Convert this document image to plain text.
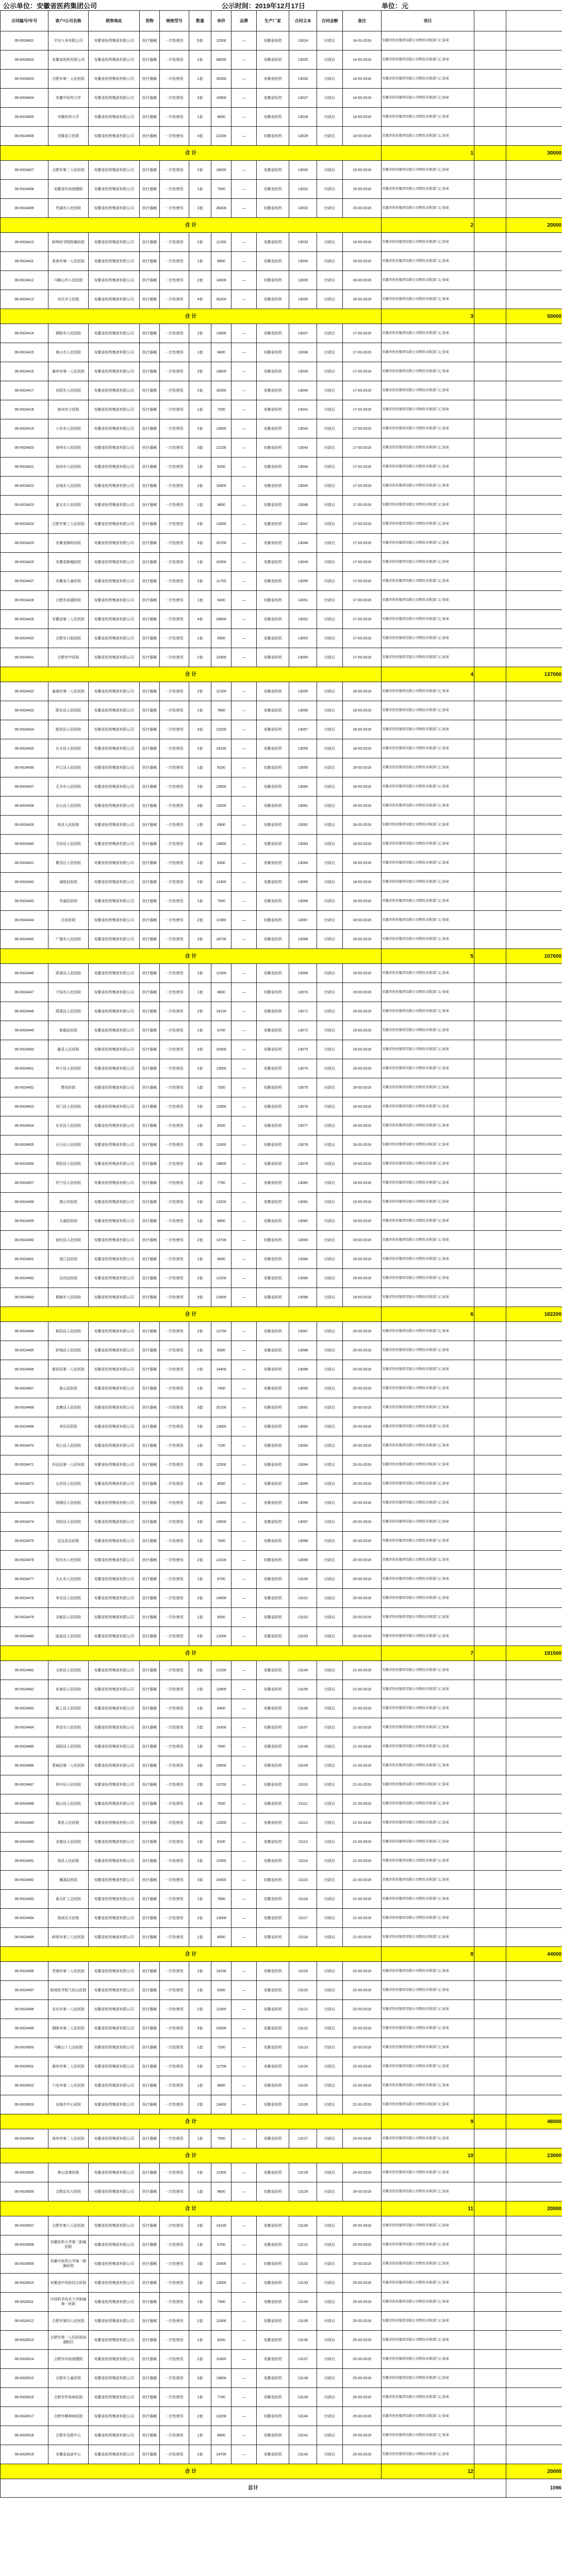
公示单位：安徽省医药集团公司	公示时间：2019年12月17日	单位：元
合同编号/年号	客户/公司名称	销售地址	货物	规格型号	数量	单价	品牌	生产厂家	合同文本	合同金额	备注	项目		
06-0024401	平安人寿有限公司	安徽省医药集团有限公司	医疗器械	一次性使用	5套	12500	—	安徽省医药	13024	付款后	14-03-2019	安徽省医药集团有限公司物资采购部门已备案		
06-0024402	安徽省医院有限公司	安徽省医药集团有限公司	医疗器械	一次性使用	2套	48000	—	安徽省医药	13025	付款后	14-03-2019	安徽省医药集团有限公司物资采购部门已备案		
06-0024403	合肥市第一人民医院	安徽省医药集团有限公司	医疗器械	一次性使用	1套	32000	—	安徽省医药	13026	付款后	14-03-2019	安徽省医药集团有限公司物资采购部门已备案		
06-0024404	安徽中医药大学	安徽省医药集团有限公司	医疗器械	一次性使用	3套	15800	—	安徽省医药	13027	付款后	14-03-2019	安徽省医药集团有限公司物资采购部门已备案		
06-0024405	安徽医科大学	安徽省医药集团有限公司	医疗器械	一次性使用	1套	9600	—	安徽省医药	13028	付款后	14-03-2019	安徽省医药集团有限公司物资采购部门已备案		
06-0024406	安徽省立医院	安徽省医药集团有限公司	医疗器械	一次性使用	4套	21000	—	安徽省医药	13029	付款后	14-03-2019	安徽省医药集团有限公司物资采购部门已备案		
合 计												1		30000
06-0024407	合肥市第二人民医院	安徽省医药集团有限公司	医疗器械	一次性使用	2套	18000	—	安徽省医药	13030	付款后	15-03-2019	安徽省医药集团有限公司物资采购部门已备案		
06-0024408	安徽省妇幼保健院	安徽省医药集团有限公司	医疗器械	一次性使用	1套	7600	—	安徽省医药	13031	付款后	15-03-2019	安徽省医药集团有限公司物资采购部门已备案		
06-0024409	芜湖市人民医院	安徽省医药集团有限公司	医疗器械	一次性使用	3套	26400	—	安徽省医药	13032	付款后	15-03-2019	安徽省医药集团有限公司物资采购部门已备案		
合 计												2		20000
06-0024410	蚌埠医学院附属医院	安徽省医药集团有限公司	医疗器械	一次性使用	2套	11200	—	安徽省医药	13033	付款后	16-03-2019	安徽省医药集团有限公司物资采购部门已备案		
06-0024411	淮南市第一人民医院	安徽省医药集团有限公司	医疗器械	一次性使用	1套	6800	—	安徽省医药	13034	付款后	16-03-2019	安徽省医药集团有限公司物资采购部门已备案		
06-0024412	马鞍山市人民医院	安徽省医药集团有限公司	医疗器械	一次性使用	2套	14500	—	安徽省医药	13035	付款后	16-03-2019	安徽省医药集团有限公司物资采购部门已备案		
06-0024413	安庆市立医院	安徽省医药集团有限公司	医疗器械	一次性使用	4套	30200	—	安徽省医药	13036	付款后	16-03-2019	安徽省医药集团有限公司物资采购部门已备案		
合 计												3		50000
06-0024414	铜陵市人民医院	安徽省医药集团有限公司	医疗器械	一次性使用	2套	12800	—	安徽省医药	13037	付款后	17-03-2019	安徽省医药集团有限公司物资采购部门已备案		
06-0024415	黄山市人民医院	安徽省医药集团有限公司	医疗器械	一次性使用	1套	8400	—	安徽省医药	13038	付款后	17-03-2019	安徽省医药集团有限公司物资采购部门已备案		
06-0024416	滁州市第一人民医院	安徽省医药集团有限公司	医疗器械	一次性使用	3套	19600	—	安徽省医药	13039	付款后	17-03-2019	安徽省医药集团有限公司物资采购部门已备案		
06-0024417	阜阳市人民医院	安徽省医药集团有限公司	医疗器械	一次性使用	2套	16300	—	安徽省医药	13040	付款后	17-03-2019	安徽省医药集团有限公司物资采购部门已备案		
06-0024418	宿州市立医院	安徽省医药集团有限公司	医疗器械	一次性使用	1套	7200	—	安徽省医药	13041	付款后	17-03-2019	安徽省医药集团有限公司物资采购部门已备案		
06-0024419	六安市人民医院	安徽省医药集团有限公司	医疗器械	一次性使用	2套	13900	—	安徽省医药	13042	付款后	17-03-2019	安徽省医药集团有限公司物资采购部门已备案		
06-0024420	亳州市人民医院	安徽省医药集团有限公司	医疗器械	一次性使用	3套	22100	—	安徽省医药	13043	付款后	17-03-2019	安徽省医药集团有限公司物资采购部门已备案		
06-0024421	池州市人民医院	安徽省医药集团有限公司	医疗器械	一次性使用	1套	9100	—	安徽省医药	13044	付款后	17-03-2019	安徽省医药集团有限公司物资采购部门已备案		
06-0024422	宣城市人民医院	安徽省医药集团有限公司	医疗器械	一次性使用	2套	15400	—	安徽省医药	13045	付款后	17-03-2019	安徽省医药集团有限公司物资采购部门已备案		
06-0024423	淮北市人民医院	安徽省医药集团有限公司	医疗器械	一次性使用	1套	8800	—	安徽省医药	13046	付款后	17-03-2019	安徽省医药集团有限公司物资采购部门已备案		
06-0024424	合肥市第三人民医院	安徽省医药集团有限公司	医疗器械	一次性使用	2套	12600	—	安徽省医药	13047	付款后	17-03-2019	安徽省医药集团有限公司物资采购部门已备案		
06-0024425	安徽省胸科医院	安徽省医药集团有限公司	医疗器械	一次性使用	3套	20700	—	安徽省医药	13048	付款后	17-03-2019	安徽省医药集团有限公司物资采购部门已备案		
06-0024426	安徽省肿瘤医院	安徽省医药集团有限公司	医疗器械	一次性使用	1套	10300	—	安徽省医药	13049	付款后	17-03-2019	安徽省医药集团有限公司物资采购部门已备案		
06-0024427	安徽省儿童医院	安徽省医药集团有限公司	医疗器械	一次性使用	2套	11700	—	安徽省医药	13050	付款后	17-03-2019	安徽省医药集团有限公司物资采购部门已备案		
06-0024428	合肥市滨湖医院	安徽省医药集团有限公司	医疗器械	一次性使用	1套	6400	—	安徽省医药	13051	付款后	17-03-2019	安徽省医药集团有限公司物资采购部门已备案		
06-0024429	安徽省第二人民医院	安徽省医药集团有限公司	医疗器械	一次性使用	4套	28600	—	安徽省医药	13052	付款后	17-03-2019	安徽省医药集团有限公司物资采购部门已备案		
06-0024430	合肥市口腔医院	安徽省医药集团有限公司	医疗器械	一次性使用	1套	5900	—	安徽省医药	13053	付款后	17-03-2019	安徽省医药集团有限公司物资采购部门已备案		
06-0024431	合肥市中医院	安徽省医药集团有限公司	医疗器械	一次性使用	2套	13300	—	安徽省医药	13054	付款后	17-03-2019	安徽省医药集团有限公司物资采购部门已备案		
合 计												4		137000
06-0024432	巢湖市第一人民医院	安徽省医药集团有限公司	医疗器械	一次性使用	2套	12100	—	安徽省医药	13055	付款后	18-03-2019	安徽省医药集团有限公司物资采购部门已备案		
06-0024433	肥东县人民医院	安徽省医药集团有限公司	医疗器械	一次性使用	1套	7800	—	安徽省医药	13056	付款后	18-03-2019	安徽省医药集团有限公司物资采购部门已备案		
06-0024434	肥西县人民医院	安徽省医药集团有限公司	医疗器械	一次性使用	3套	21500	—	安徽省医药	13057	付款后	18-03-2019	安徽省医药集团有限公司物资采购部门已备案		
06-0024435	长丰县人民医院	安徽省医药集团有限公司	医疗器械	一次性使用	2套	14200	—	安徽省医药	13058	付款后	18-03-2019	安徽省医药集团有限公司物资采购部门已备案		
06-0024436	庐江县人民医院	安徽省医药集团有限公司	医疗器械	一次性使用	1套	8100	—	安徽省医药	13059	付款后	18-03-2019	安徽省医药集团有限公司物资采购部门已备案		
06-0024437	无为市人民医院	安徽省医药集团有限公司	医疗器械	一次性使用	2套	15600	—	安徽省医药	13060	付款后	18-03-2019	安徽省医药集团有限公司物资采购部门已备案		
06-0024438	含山县人民医院	安徽省医药集团有限公司	医疗器械	一次性使用	3套	19200	—	安徽省医药	13061	付款后	18-03-2019	安徽省医药集团有限公司物资采购部门已备案		
06-0024439	和县人民医院	安徽省医药集团有限公司	医疗器械	一次性使用	1套	6900	—	安徽省医药	13062	付款后	18-03-2019	安徽省医药集团有限公司物资采购部门已备案		
06-0024440	当涂县人民医院	安徽省医药集团有限公司	医疗器械	一次性使用	2套	13800	—	安徽省医药	13063	付款后	18-03-2019	安徽省医药集团有限公司物资采购部门已备案		
06-0024441	繁昌区人民医院	安徽省医药集团有限公司	医疗器械	一次性使用	1套	9300	—	安徽省医药	13064	付款后	18-03-2019	安徽省医药集团有限公司物资采购部门已备案		
06-0024442	南陵县医院	安徽省医药集团有限公司	医疗器械	一次性使用	2套	12400	—	安徽省医药	13065	付款后	18-03-2019	安徽省医药集团有限公司物资采购部门已备案		
06-0024443	芜湖县医院	安徽省医药集团有限公司	医疗器械	一次性使用	1套	7500	—	安徽省医药	13066	付款后	18-03-2019	安徽省医药集团有限公司物资采购部门已备案		
06-0024444	泾县医院	安徽省医药集团有限公司	医疗器械	一次性使用	2套	11900	—	安徽省医药	13067	付款后	18-03-2019	安徽省医药集团有限公司物资采购部门已备案		
06-0024445	广德市人民医院	安徽省医药集团有限公司	医疗器械	一次性使用	3套	18700	—	安徽省医药	13068	付款后	18-03-2019	安徽省医药集团有限公司物资采购部门已备案		
合 计												5		107600
06-0024446	郎溪县人民医院	安徽省医药集团有限公司	医疗器械	一次性使用	2套	12300	—	安徽省医药	13069	付款后	19-03-2019	安徽省医药集团有限公司物资采购部门已备案		
06-0024447	宁国市人民医院	安徽省医药集团有限公司	医疗器械	一次性使用	1套	8600	—	安徽省医药	13070	付款后	19-03-2019	安徽省医药集团有限公司物资采购部门已备案		
06-0024448	绩溪县人民医院	安徽省医药集团有限公司	医疗器械	一次性使用	2套	14100	—	安徽省医药	13071	付款后	19-03-2019	安徽省医药集团有限公司物资采购部门已备案		
06-0024449	旌德县医院	安徽省医药集团有限公司	医疗器械	一次性使用	1套	6700	—	安徽省医药	13072	付款后	19-03-2019	安徽省医药集团有限公司物资采购部门已备案		
06-0024450	歙县人民医院	安徽省医药集团有限公司	医疗器械	一次性使用	3套	20400	—	安徽省医药	13073	付款后	19-03-2019	安徽省医药集团有限公司物资采购部门已备案		
06-0024451	休宁县人民医院	安徽省医药集团有限公司	医疗器械	一次性使用	2套	13500	—	安徽省医药	13074	付款后	19-03-2019	安徽省医药集团有限公司物资采购部门已备案		
06-0024452	黟县医院	安徽省医药集团有限公司	医疗器械	一次性使用	1套	7300	—	安徽省医药	13075	付款后	19-03-2019	安徽省医药集团有限公司物资采购部门已备案		
06-0024453	祁门县人民医院	安徽省医药集团有限公司	医疗器械	一次性使用	2套	12900	—	安徽省医药	13076	付款后	19-03-2019	安徽省医药集团有限公司物资采购部门已备案		
06-0024454	东至县人民医院	安徽省医药集团有限公司	医疗器械	一次性使用	1套	8200	—	安徽省医药	13077	付款后	19-03-2019	安徽省医药集团有限公司物资采购部门已备案		
06-0024455	石台县人民医院	安徽省医药集团有限公司	医疗器械	一次性使用	2套	11600	—	安徽省医药	13078	付款后	19-03-2019	安徽省医药集团有限公司物资采购部门已备案		
06-0024456	青阳县人民医院	安徽省医药集团有限公司	医疗器械	一次性使用	3套	19800	—	安徽省医药	13079	付款后	19-03-2019	安徽省医药集团有限公司物资采购部门已备案		
06-0024457	怀宁县人民医院	安徽省医药集团有限公司	医疗器械	一次性使用	1套	7700	—	安徽省医药	13080	付款后	19-03-2019	安徽省医药集团有限公司物资采购部门已备案		
06-0024458	潜山市医院	安徽省医药集团有限公司	医疗器械	一次性使用	2套	13200	—	安徽省医药	13081	付款后	19-03-2019	安徽省医药集团有限公司物资采购部门已备案		
06-0024459	太湖县医院	安徽省医药集团有限公司	医疗器械	一次性使用	1套	8900	—	安徽省医药	13082	付款后	19-03-2019	安徽省医药集团有限公司物资采购部门已备案		
06-0024460	宿松县人民医院	安徽省医药集团有限公司	医疗器械	一次性使用	2套	14700	—	安徽省医药	13083	付款后	19-03-2019	安徽省医药集团有限公司物资采购部门已备案		
06-0024461	望江县医院	安徽省医药集团有限公司	医疗器械	一次性使用	1套	6600	—	安徽省医药	13084	付款后	19-03-2019	安徽省医药集团有限公司物资采购部门已备案		
06-0024462	岳西县医院	安徽省医药集团有限公司	医疗器械	一次性使用	2套	12200	—	安徽省医药	13085	付款后	19-03-2019	安徽省医药集团有限公司物资采购部门已备案		
06-0024463	桐城市人民医院	安徽省医药集团有限公司	医疗器械	一次性使用	3套	21800	—	安徽省医药	13086	付款后	19-03-2019	安徽省医药集团有限公司物资采购部门已备案		
合 计												6		182200
06-0024464	枞阳县人民医院	安徽省医药集团有限公司	医疗器械	一次性使用	2套	12700	—	安徽省医药	13087	付款后	20-03-2019	安徽省医药集团有限公司物资采购部门已备案		
06-0024465	舒城县人民医院	安徽省医药集团有限公司	医疗器械	一次性使用	1套	8300	—	安徽省医药	13088	付款后	20-03-2019	安徽省医药集团有限公司物资采购部门已备案		
06-0024466	霍邱县第一人民医院	安徽省医药集团有限公司	医疗器械	一次性使用	2套	14400	—	安徽省医药	13089	付款后	20-03-2019	安徽省医药集团有限公司物资采购部门已备案		
06-0024467	霍山县医院	安徽省医药集团有限公司	医疗器械	一次性使用	1套	7400	—	安徽省医药	13090	付款后	20-03-2019	安徽省医药集团有限公司物资采购部门已备案		
06-0024468	金寨县人民医院	安徽省医药集团有限公司	医疗器械	一次性使用	3套	20100	—	安徽省医药	13091	付款后	20-03-2019	安徽省医药集团有限公司物资采购部门已备案		
06-0024469	寿县县医院	安徽省医药集团有限公司	医疗器械	一次性使用	2套	13600	—	安徽省医药	13092	付款后	20-03-2019	安徽省医药集团有限公司物资采购部门已备案		
06-0024470	凤台县人民医院	安徽省医药集团有限公司	医疗器械	一次性使用	1套	7100	—	安徽省医药	13093	付款后	20-03-2019	安徽省医药集团有限公司物资采购部门已备案		
06-0024471	怀远县第一人民医院	安徽省医药集团有限公司	医疗器械	一次性使用	2套	12500	—	安徽省医药	13094	付款后	20-03-2019	安徽省医药集团有限公司物资采购部门已备案		
06-0024472	五河县人民医院	安徽省医药集团有限公司	医疗器械	一次性使用	1套	8000	—	安徽省医药	13095	付款后	20-03-2019	安徽省医药集团有限公司物资采购部门已备案		
06-0024473	固镇县人民医院	安徽省医药集团有限公司	医疗器械	一次性使用	2套	11800	—	安徽省医药	13096	付款后	20-03-2019	安徽省医药集团有限公司物资采购部门已备案		
06-0024474	凤阳县人民医院	安徽省医药集团有限公司	医疗器械	一次性使用	3套	19500	—	安徽省医药	13097	付款后	20-03-2019	安徽省医药集团有限公司物资采购部门已备案		
06-0024475	定远县总医院	安徽省医药集团有限公司	医疗器械	一次性使用	1套	7900	—	安徽省医药	13098	付款后	20-03-2019	安徽省医药集团有限公司物资采购部门已备案		
06-0024476	明光市人民医院	安徽省医药集团有限公司	医疗器械	一次性使用	2套	13100	—	安徽省医药	13099	付款后	20-03-2019	安徽省医药集团有限公司物资采购部门已备案		
06-0024477	天长市人民医院	安徽省医药集团有限公司	医疗器械	一次性使用	1套	8700	—	安徽省医药	13100	付款后	20-03-2019	安徽省医药集团有限公司物资采购部门已备案		
06-0024478	来安县人民医院	安徽省医药集团有限公司	医疗器械	一次性使用	2套	14600	—	安徽省医药	13101	付款后	20-03-2019	安徽省医药集团有限公司物资采购部门已备案		
06-0024479	全椒县人民医院	安徽省医药集团有限公司	医疗器械	一次性使用	1套	6500	—	安徽省医药	13102	付款后	20-03-2019	安徽省医药集团有限公司物资采购部门已备案		
06-0024480	临泉县人民医院	安徽省医药集团有限公司	医疗器械	一次性使用	2套	12000	—	安徽省医药	13103	付款后	20-03-2019	安徽省医药集团有限公司物资采购部门已备案		
合 计												7		191500
06-0024481	太和县人民医院	安徽省医药集团有限公司	医疗器械	一次性使用	3套	21200	—	安徽省医药	13104	付款后	21-03-2019	安徽省医药集团有限公司物资采购部门已备案		
06-0024482	阜南县人民医院	安徽省医药集团有限公司	医疗器械	一次性使用	2套	12800	—	安徽省医药	13105	付款后	21-03-2019	安徽省医药集团有限公司物资采购部门已备案		
06-0024483	颍上县人民医院	安徽省医药集团有限公司	医疗器械	一次性使用	1套	8400	—	安徽省医药	13106	付款后	21-03-2019	安徽省医药集团有限公司物资采购部门已备案		
06-0024484	界首市人民医院	安徽省医药集团有限公司	医疗器械	一次性使用	2套	14300	—	安徽省医药	13107	付款后	21-03-2019	安徽省医药集团有限公司物资采购部门已备案		
06-0024485	涡阳县人民医院	安徽省医药集团有限公司	医疗器械	一次性使用	1套	7000	—	安徽省医药	13108	付款后	21-03-2019	安徽省医药集团有限公司物资采购部门已备案		
06-0024486	蒙城县第一人民医院	安徽省医药集团有限公司	医疗器械	一次性使用	3套	20600	—	安徽省医药	13109	付款后	21-03-2019	安徽省医药集团有限公司物资采购部门已备案		
06-0024487	利辛县人民医院	安徽省医药集团有限公司	医疗器械	一次性使用	2套	13700	—	安徽省医药	13110	付款后	21-03-2019	安徽省医药集团有限公司物资采购部门已备案		
06-0024488	砀山县人民医院	安徽省医药集团有限公司	医疗器械	一次性使用	1套	7600	—	安徽省医药	13111	付款后	21-03-2019	安徽省医药集团有限公司物资采购部门已备案		
06-0024489	萧县人民医院	安徽省医药集团有限公司	医疗器械	一次性使用	2套	12600	—	安徽省医药	13112	付款后	21-03-2019	安徽省医药集团有限公司物资采购部门已备案		
06-0024490	灵璧县人民医院	安徽省医药集团有限公司	医疗器械	一次性使用	1套	8100	—	安徽省医药	13113	付款后	21-03-2019	安徽省医药集团有限公司物资采购部门已备案		
06-0024491	泗县人民医院	安徽省医药集团有限公司	医疗器械	一次性使用	2套	11500	—	安徽省医药	13114	付款后	21-03-2019	安徽省医药集团有限公司物资采购部门已备案		
06-0024492	濉溪县医院	安徽省医药集团有限公司	医疗器械	一次性使用	3套	19300	—	安徽省医药	13115	付款后	21-03-2019	安徽省医药集团有限公司物资采购部门已备案		
06-0024493	淮北矿工总医院	安徽省医药集团有限公司	医疗器械	一次性使用	1套	7800	—	安徽省医药	13116	付款后	21-03-2019	安徽省医药集团有限公司物资采购部门已备案		
06-0024494	淮南东方医院	安徽省医药集团有限公司	医疗器械	一次性使用	2套	13000	—	安徽省医药	13117	付款后	21-03-2019	安徽省医药集团有限公司物资采购部门已备案		
06-0024495	蚌埠市第三人民医院	安徽省医药集团有限公司	医疗器械	一次性使用	1套	8500	—	安徽省医药	13118	付款后	21-03-2019	安徽省医药集团有限公司物资采购部门已备案		
合 计												8		44000
06-0024496	芜湖市第二人民医院	安徽省医药集团有限公司	医疗器械	一次性使用	2套	14200	—	安徽省医药	13119	付款后	22-03-2019	安徽省医药集团有限公司物资采购部门已备案		
06-0024497	皖南医学院弋矶山医院	安徽省医药集团有限公司	医疗器械	一次性使用	1套	6300	—	安徽省医药	13120	付款后	22-03-2019	安徽省医药集团有限公司物资采购部门已备案		
06-0024498	安庆市第一人民医院	安徽省医药集团有限公司	医疗器械	一次性使用	2套	11900	—	安徽省医药	13121	付款后	22-03-2019	安徽省医药集团有限公司物资采购部门已备案		
06-0024499	铜陵市第二人民医院	安徽省医药集团有限公司	医疗器械	一次性使用	3套	20000	—	安徽省医药	13122	付款后	22-03-2019	安徽省医药集团有限公司物资采购部门已备案		
06-0024500	马鞍山十七冶医院	安徽省医药集团有限公司	医疗器械	一次性使用	1套	7200	—	安徽省医药	13123	付款后	22-03-2019	安徽省医药集团有限公司物资采购部门已备案		
06-0024501	滁州市第二人民医院	安徽省医药集团有限公司	医疗器械	一次性使用	2套	12700	—	安徽省医药	13124	付款后	22-03-2019	安徽省医药集团有限公司物资采购部门已备案		
06-0024502	六安市第二人民医院	安徽省医药集团有限公司	医疗器械	一次性使用	1套	8800	—	安徽省医药	13125	付款后	22-03-2019	安徽省医药集团有限公司物资采购部门已备案		
06-0024503	宣城市中心医院	安徽省医药集团有限公司	医疗器械	一次性使用	2套	13400	—	安徽省医药	13126	付款后	22-03-2019	安徽省医药集团有限公司物资采购部门已备案		
合 计												9		46000
06-0024504	池州市第二人民医院	安徽省医药集团有限公司	医疗器械	一次性使用	1套	7500	—	安徽省医药	13127	付款后	23-03-2019	安徽省医药集团有限公司物资采购部门已备案		
合 计												10		23000
06-0024505	黄山首康医院	安徽省医药集团有限公司	医疗器械	一次性使用	2套	12300	—	安徽省医药	13128	付款后	24-03-2019	安徽省医药集团有限公司物资采购部门已备案		
06-0024506	合肥京东方医院	安徽省医药集团有限公司	医疗器械	一次性使用	1套	8600	—	安徽省医药	13129	付款后	24-03-2019	安徽省医药集团有限公司物资采购部门已备案		
合 计												11		20000
06-0024507	合肥市第八人民医院	安徽省医药集团有限公司	医疗器械	一次性使用	2套	14100	—	安徽省医药	13130	付款后	25-03-2019	安徽省医药集团有限公司物资采购部门已备案		
06-0024508	安徽医科大学第二附属医院	安徽省医药集团有限公司	医疗器械	一次性使用	1套	6700	—	安徽省医药	13131	付款后	25-03-2019	安徽省医药集团有限公司物资采购部门已备案		
06-0024509	安徽中医药大学第一附属医院	安徽省医药集团有限公司	医疗器械	一次性使用	3套	20400	—	安徽省医药	13132	付款后	25-03-2019	安徽省医药集团有限公司物资采购部门已备案		
06-0024510	安徽省中西医结合医院	安徽省医药集团有限公司	医疗器械	一次性使用	2套	13500	—	安徽省医药	13133	付款后	25-03-2019	安徽省医药集团有限公司物资采购部门已备案		
06-0024511	中国科学技术大学附属第一医院	安徽省医药集团有限公司	医疗器械	一次性使用	1套	7300	—	安徽省医药	13134	付款后	25-03-2019	安徽省医药集团有限公司物资采购部门已备案		
06-0024512	合肥市第四人民医院	安徽省医药集团有限公司	医疗器械	一次性使用	2套	12900	—	安徽省医药	13135	付款后	25-03-2019	安徽省医药集团有限公司物资采购部门已备案		
06-0024513	合肥市第一人民医院滨湖院区	安徽省医药集团有限公司	医疗器械	一次性使用	1套	8200	—	安徽省医药	13136	付款后	25-03-2019	安徽省医药集团有限公司物资采购部门已备案		
06-0024514	合肥市妇幼保健院	安徽省医药集团有限公司	医疗器械	一次性使用	2套	11600	—	安徽省医药	13137	付款后	25-03-2019	安徽省医药集团有限公司物资采购部门已备案		
06-0024515	合肥市儿童医院	安徽省医药集团有限公司	医疗器械	一次性使用	3套	19800	—	安徽省医药	13138	付款后	25-03-2019	安徽省医药集团有限公司物资采购部门已备案		
06-0024516	合肥市传染病医院	安徽省医药集团有限公司	医疗器械	一次性使用	1套	7700	—	安徽省医药	13139	付款后	25-03-2019	安徽省医药集团有限公司物资采购部门已备案		
06-0024517	合肥市精神病医院	安徽省医药集团有限公司	医疗器械	一次性使用	2套	13200	—	安徽省医药	13140	付款后	25-03-2019	安徽省医药集团有限公司物资采购部门已备案		
06-0024518	合肥市急救中心	安徽省医药集团有限公司	医疗器械	一次性使用	1套	8900	—	安徽省医药	13141	付款后	25-03-2019	安徽省医药集团有限公司物资采购部门已备案		
06-0024519	安徽省血液中心	安徽省医药集团有限公司	医疗器械	一次性使用	2套	14700	—	安徽省医药	13142	付款后	25-03-2019	安徽省医药集团有限公司物资采购部门已备案		
合 计												12		20000
总计														1096
